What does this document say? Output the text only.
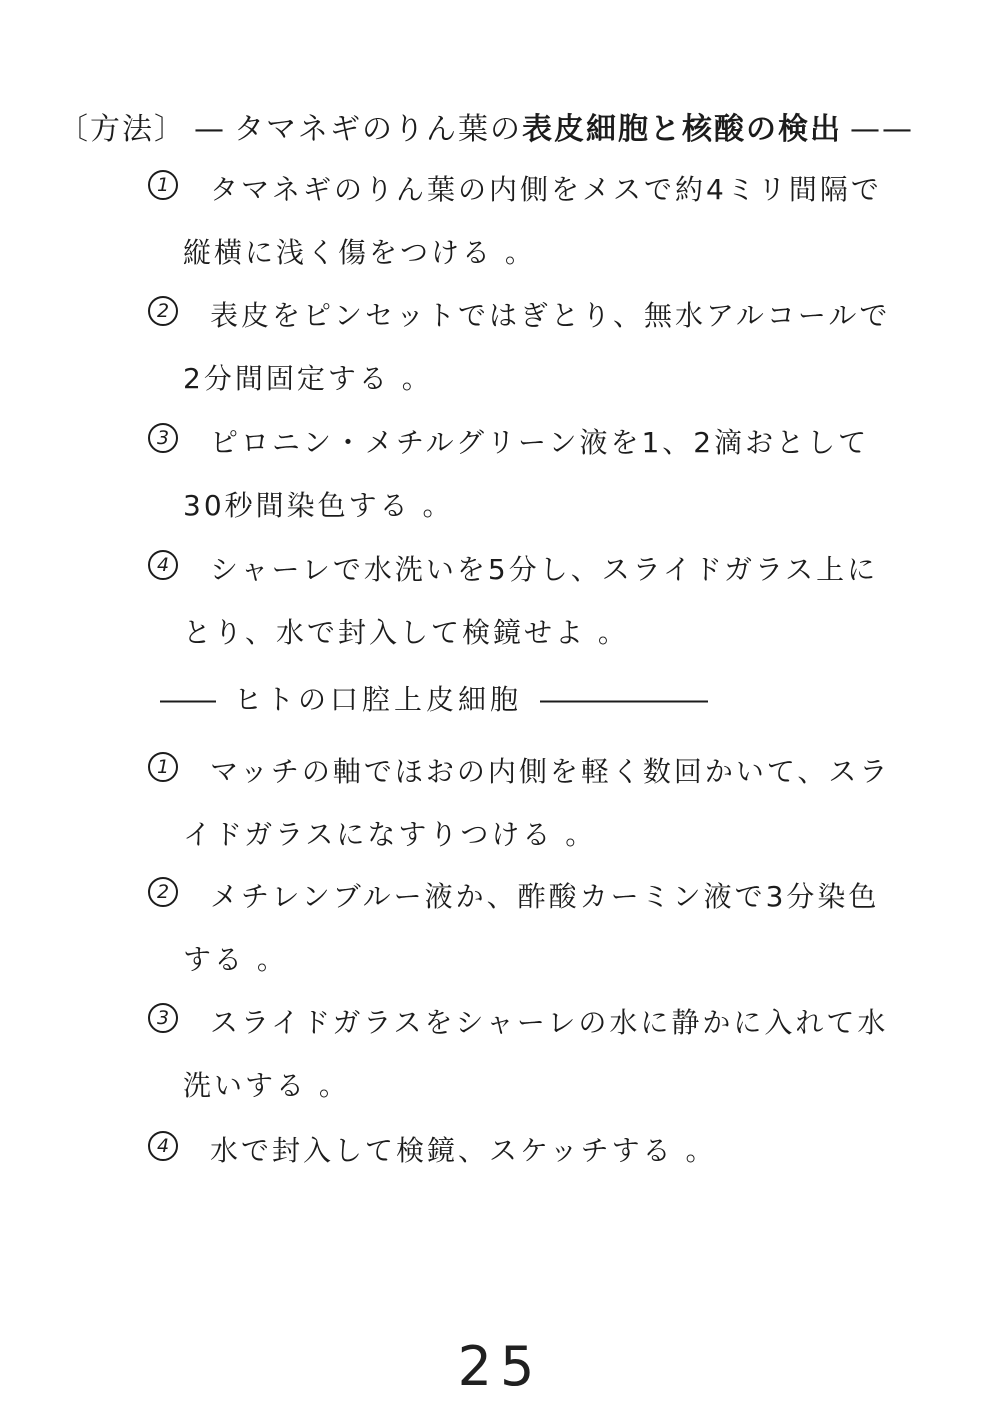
〔方法〕 — タマネギのりん葉の表皮細胞と核酸の検出 ——
1	タマネギのりん葉の内側をメスで約4ミリ間隔で
縦横に浅く傷をつける 。
2	表皮をピンセットではぎとり、無水アルコールで
2分間固定する 。
3	ピロニン・メチルグリーン液を1、2滴おとして
30秒間染色する 。
4	シャーレで水洗いを5分し、スライドガラス上に
とり、水で封入して検鏡せよ 。
―― ヒトの口腔上皮細胞 ――――――
1	マッチの軸でほおの内側を軽く数回かいて、スラ
イドガラスになすりつける 。
2	メチレンブルー液か、酢酸カーミン液で3分染色
する 。
3	スライドガラスをシャーレの水に静かに入れて水
洗いする 。
4	水で封入して検鏡、スケッチする 。
25
